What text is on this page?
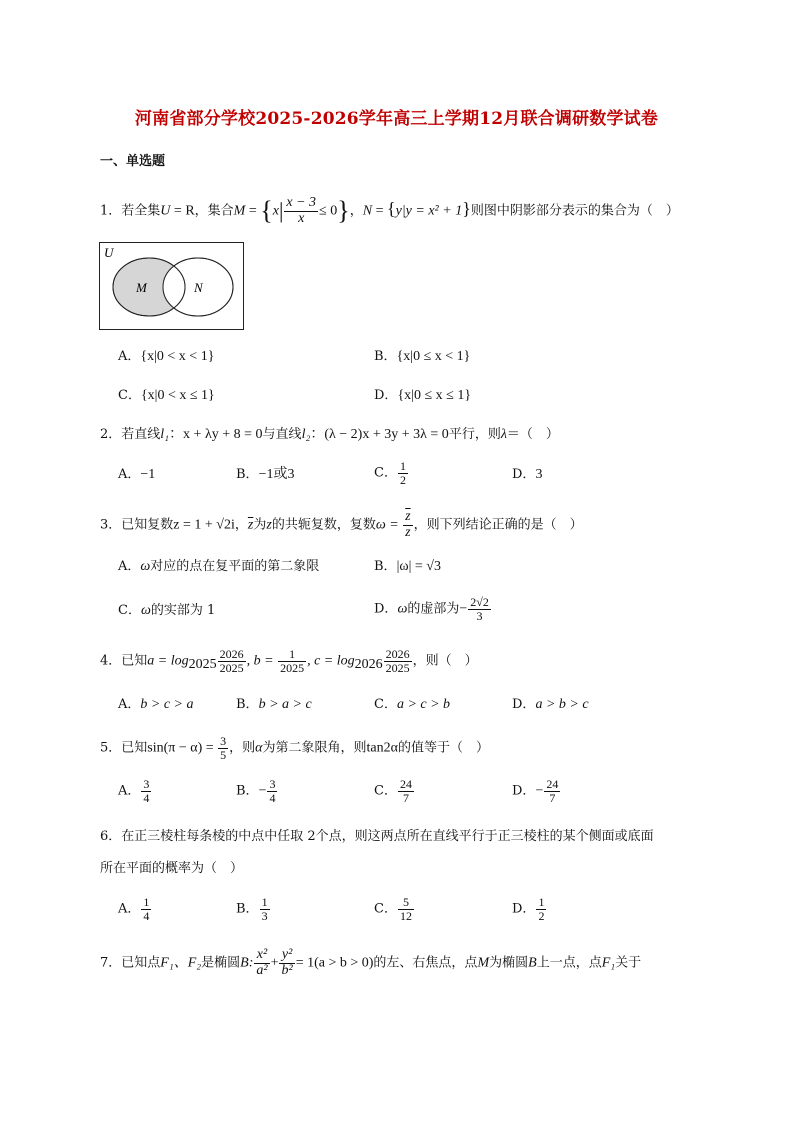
河南省部分学校2025-2026学年高三上学期12月联合调研数学试卷
一、单选题
1．若全集U = R，集合$M = \{x| \frac{x - 3}{x} \le 0\}$，N = {y|y = x² + 1}则图中阴影部分表示的集合为（　）
U
M	N
A．{x|0 < x < 1}	B．{x|0 ≤ x < 1}
C．{x|0 < x ≤ 1}	D．{x|0 ≤ x ≤ 1}
2．若直线l₁：x + λy + 8 = 0与直线l₂：(λ − 2)x + 3y + 3λ = 0平行，则λ＝（　）
A．−1	B．−1或3	C． $\frac{1}{2}$	D．3
3．已知复数z = 1 + √2i，$\overline{z}$为z的共轭复数，复数$\omega = \frac{\overline{z}}{z}$ ，则下列结论正确的是（　）
A．ω对应的点在复平面的第二象限	B．|ω| = √3
C．ω的实部为 1	D．ω的虚部为− $\frac{2√2}{3}$
4．已知$a = \log_{2025} \frac{2026}{2025}$ , $b = \frac{1}{2025}$ , $c = \log_{2026} \frac{2026}{2025}$ ，则（　）
A．b > c > a	B．b > a > c	C．a > c > b	D．a > b > c
5．已知$\sin(\pi - \alpha) = \frac{3}{5}$ ，则α为第二象限角，则tan2α的值等于（　）
A． $\frac{3}{4}$	B．− $\frac{3}{4}$	C． $\frac{24}{7}$	D．− $\frac{24}{7}$
6．在正三棱柱每条棱的中点中任取 2个点，则这两点所在直线平行于正三棱柱的某个侧面或底面
所在平面的概率为（　）
A． $\frac{1}{4}$	B． $\frac{1}{3}$	C． $\frac{5}{12}$	D． $\frac{1}{2}$
7．已知点F₁、F₂是椭圆B: $\frac{\text{x²}}{\text{a²}} + \frac{\text{y²}}{\text{b²}} = 1(a > b > 0)$的左、右焦点，点M为椭圆B上一点，点F₁关于
